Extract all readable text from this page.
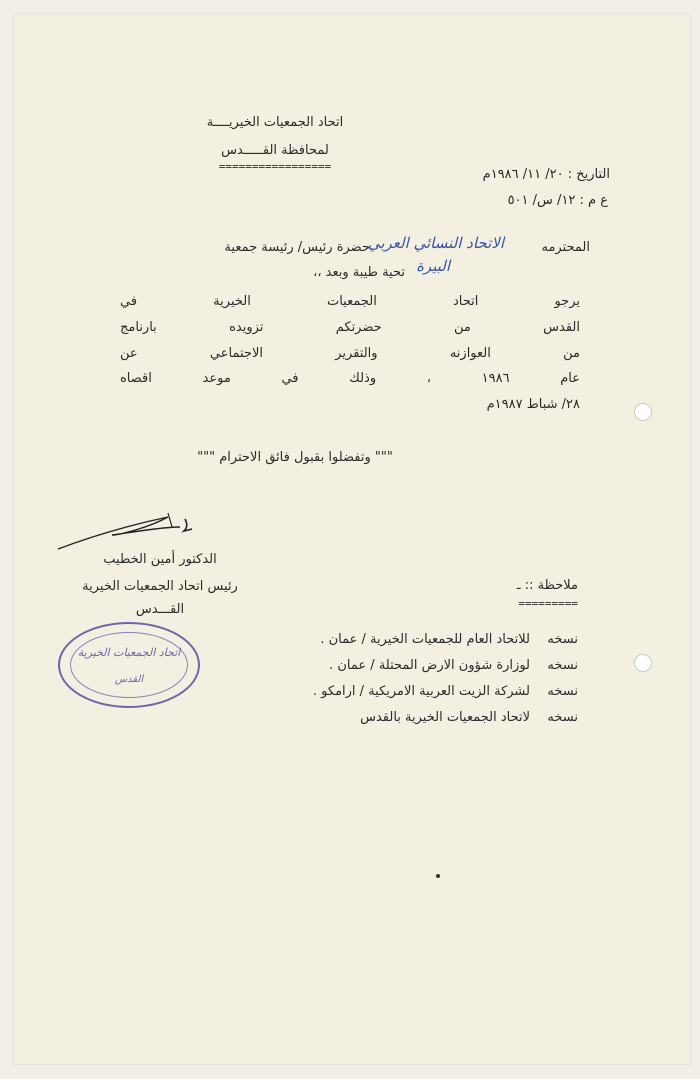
اتحاد الجمعيات الخيريــــة
لمحافظة القـــــدس
=================
التاريخ : ٢٠/ ١١/ ١٩٨٦م
ع م : ١٢/ س/ ٥٠١
حضرة رئيس/ رئيسة جمعية
الاتحاد النسائي العربي
البيرة
المحترمه
تحية طيبة وبعد ،،
يرجو اتحاد الجمعيات الخيرية في
القدس من حضرتكم تزويده بارنامج
من العوازنه والتقرير الاجتماعي عن
عام ١٩٨٦ ، وذلك في موعد اقصاه
٢٨/ شباط ١٩٨٧م
""" وتفضلوا بقبول فائق الاحترام """
الدكتور أمين الخطيب
رئيس اتحاد الجمعيات الخيرية
القـــدس
ملاحظة :: ـ
=========
نسخه
للاتحاد العام للجمعيات الخيرية / عمان .
نسخه
لوزارة شؤون الارض المحتلة / عمان .
نسخه
لشركة الزيت العربية الامريكية / ارامكو .
نسخه
لاتحاد الجمعيات الخيرية بالقدس
اتحاد الجمعيات الخيرية
القدس
